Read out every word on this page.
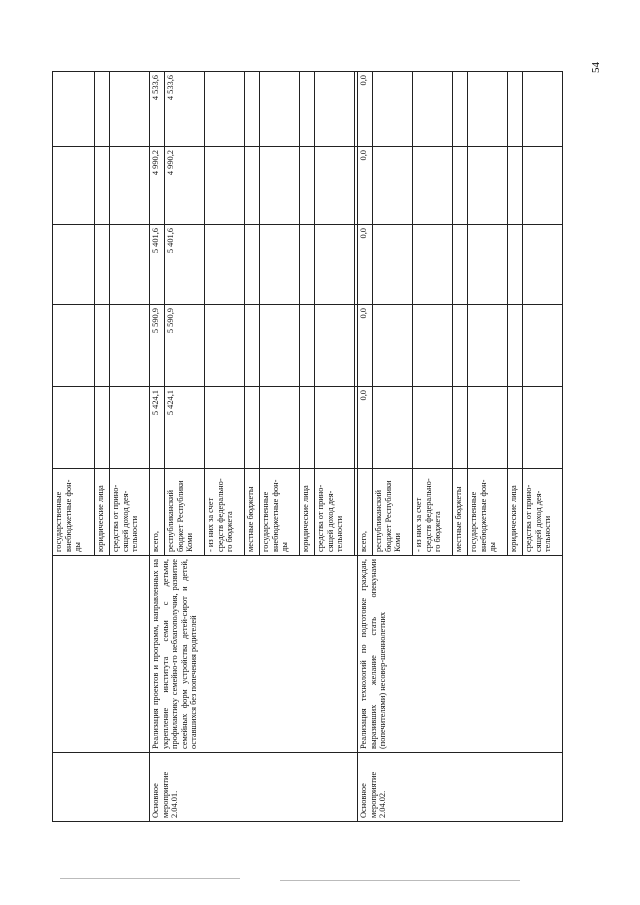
54
		государственные внебюджетные фон-ды					
		юридические лица					
		средства от прино-сящей доход дея-тельности					
Основное мероприятие 2.04.01.	Реализация проектов и программ, направленных на укрепление института семьи с детьми, профилактику семейно-го неблагополучия, развитие семейных форм устройства детей-сирот и детей, оставшихся без попечения родителей	всего,	5 424,1	5 590,9	5 401,6	4 990,2	4 533,6
		республиканский бюджет Республики Коми	5 424,1	5 590,9	5 401,6	4 990,2	4 533,6
		- из них за счет средств федерально-го бюджета					
		местные бюджеты					
		государственные внебюджетные фон-ды					
		юридические лица					
		средства от прино-сящей доход дея-тельности					

Основное мероприятие 2.04.02.	Реализация технологий по подготовке граждан, выразивших желание стать опекунами (попечителями) несовер-шеннолетних	всего,	0,0	0,0	0,0	0,0	0,0
		республиканский бюджет Республики Коми					
		- из них за счет средств федерально-го бюджета					
		местные бюджеты					
		государственные внебюджетные фон-ды					
		юридические лица					
		средства от прино-сящей доход дея-тельности					
